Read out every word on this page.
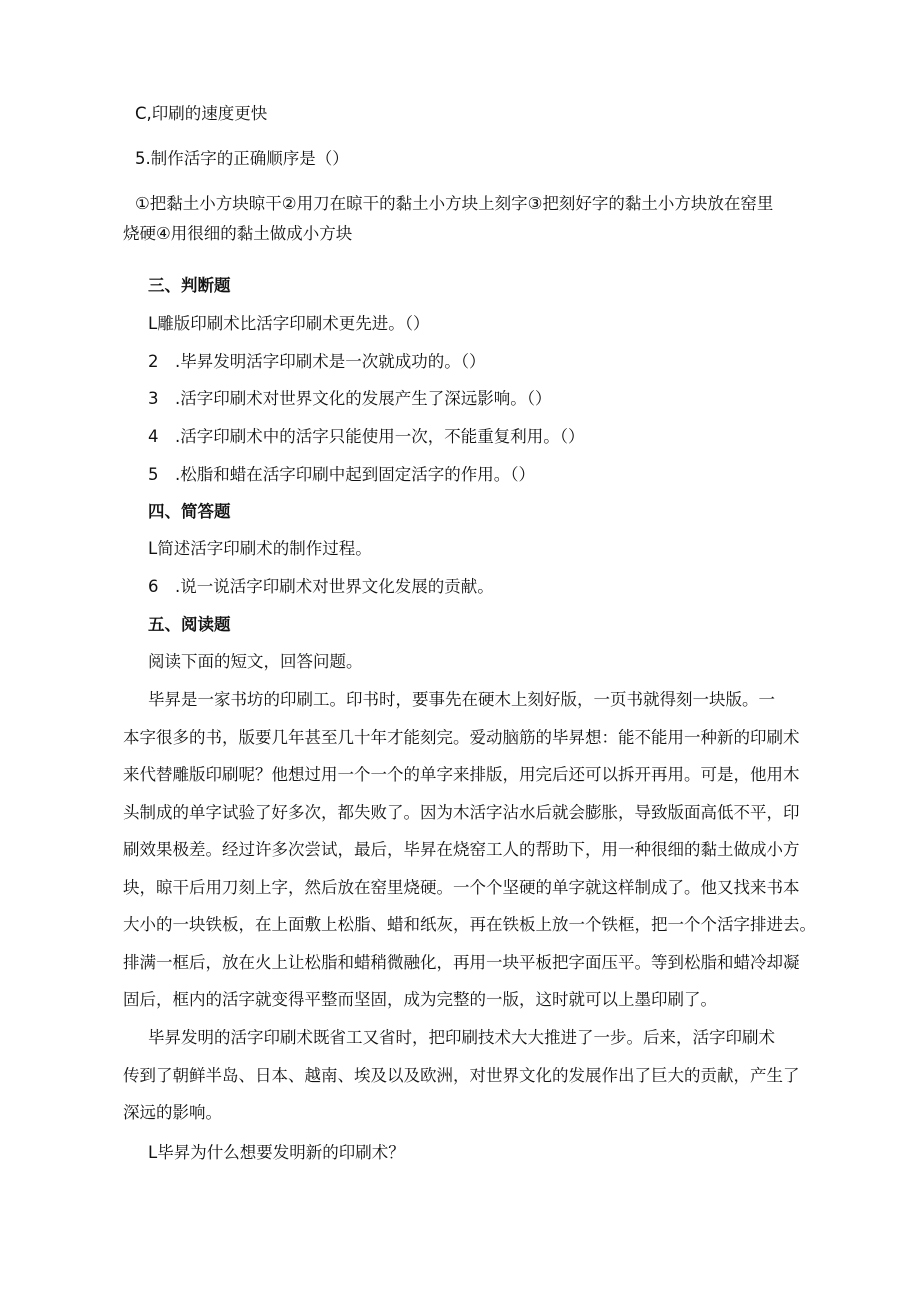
C,印刷的速度更快
5.制作活字的正确顺序是（）
①把黏土小方块晾干②用刀在晾干的黏土小方块上刻字③把刻好字的黏土小方块放在窑里
烧硬④用很细的黏土做成小方块
三、判断题
L雕版印刷术比活字印刷术更先进。（）
2　.毕昇发明活字印刷术是一次就成功的。（）
3　.活字印刷术对世界文化的发展产生了深远影响。（）
4　.活字印刷术中的活字只能使用一次，不能重复利用。（）
5　.松脂和蜡在活字印刷中起到固定活字的作用。（）
四、简答题
L简述活字印刷术的制作过程。
6　.说一说活字印刷术对世界文化发展的贡献。
五、阅读题
阅读下面的短文，回答问题。
毕昇是一家书坊的印刷工。印书时，要事先在硬木上刻好版，一页书就得刻一块版。一
本字很多的书，版要几年甚至几十年才能刻完。爱动脑筋的毕昇想：能不能用一种新的印刷术
来代替雕版印刷呢？他想过用一个一个的单字来排版，用完后还可以拆开再用。可是，他用木
头制成的单字试验了好多次，都失败了。因为木活字沾水后就会膨胀，导致版面高低不平，印
刷效果极差。经过许多次尝试，最后，毕昇在烧窑工人的帮助下，用一种很细的黏土做成小方
块，晾干后用刀刻上字，然后放在窑里烧硬。一个个坚硬的单字就这样制成了。他又找来书本
大小的一块铁板，在上面敷上松脂、蜡和纸灰，再在铁板上放一个铁框，把一个个活字排进去。
排满一框后，放在火上让松脂和蜡稍微融化，再用一块平板把字面压平。等到松脂和蜡冷却凝
固后，框内的活字就变得平整而坚固，成为完整的一版，这时就可以上墨印刷了。
毕昇发明的活字印刷术既省工又省时，把印刷技术大大推进了一步。后来，活字印刷术
传到了朝鲜半岛、日本、越南、埃及以及欧洲，对世界文化的发展作出了巨大的贡献，产生了
深远的影响。
L毕昇为什么想要发明新的印刷术？
